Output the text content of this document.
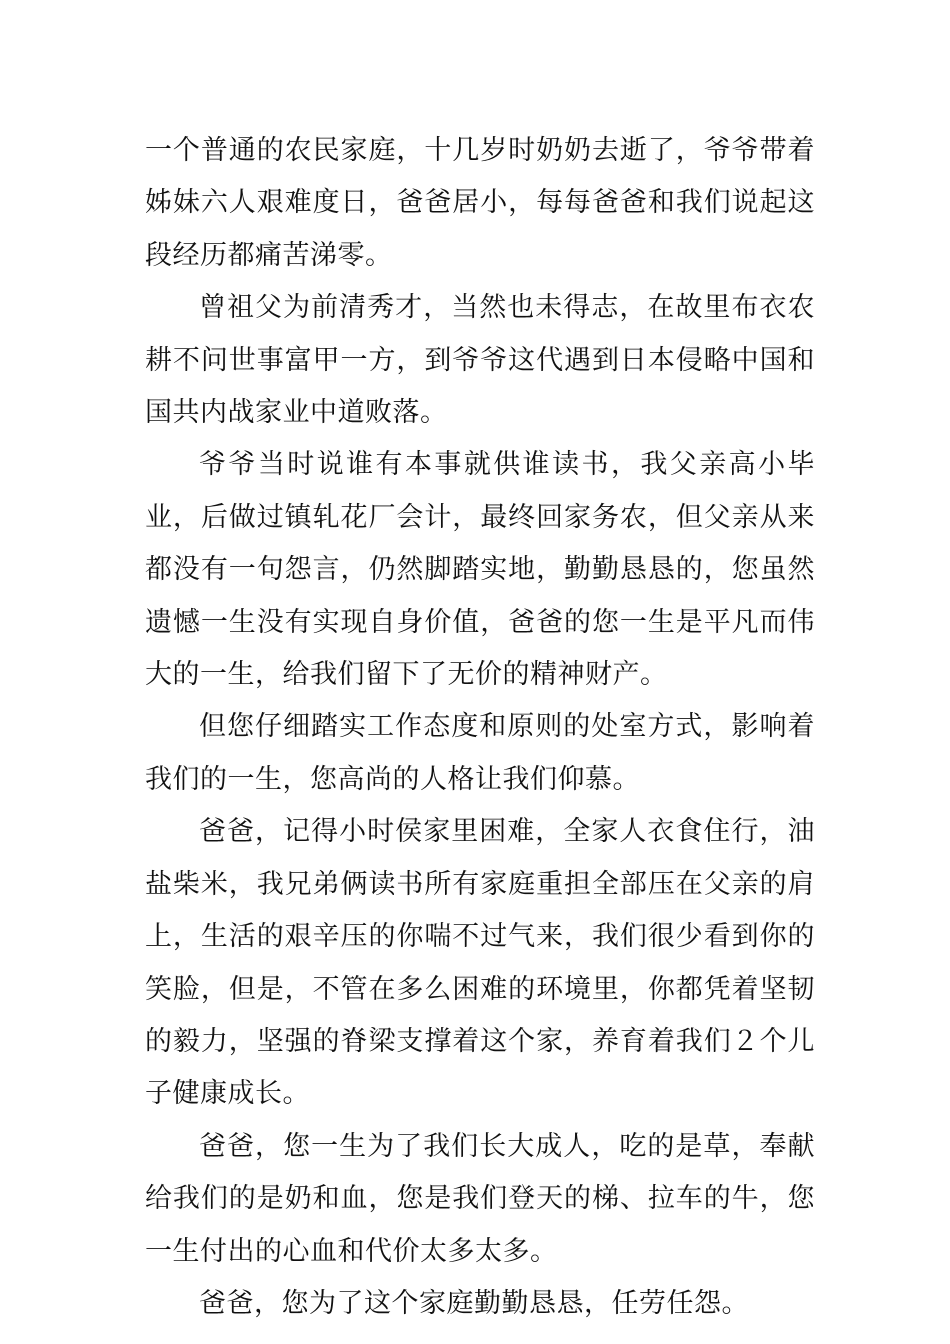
一个普通的农民家庭，十几岁时奶奶去逝了，爷爷带着姊妹六人艰难度日，爸爸居小，每每爸爸和我们说起这段经历都痛苦涕零。

曾祖父为前清秀才，当然也未得志，在故里布衣农耕不问世事富甲一方，到爷爷这代遇到日本侵略中国和国共内战家业中道败落。

爷爷当时说谁有本事就供谁读书，我父亲高小毕业，后做过镇轧花厂会计，最终回家务农，但父亲从来都没有一句怨言，仍然脚踏实地，勤勤恳恳的，您虽然遗憾一生没有实现自身价值，爸爸的您一生是平凡而伟大的一生，给我们留下了无价的精神财产。

但您仔细踏实工作态度和原则的处室方式，影响着我们的一生，您高尚的人格让我们仰慕。

爸爸，记得小时侯家里困难，全家人衣食住行，油盐柴米，我兄弟俩读书所有家庭重担全部压在父亲的肩上，生活的艰辛压的你喘不过气来，我们很少看到你的笑脸，但是，不管在多么困难的环境里，你都凭着坚韧的毅力，坚强的脊梁支撑着这个家，养育着我们２个儿子健康成长。

爸爸，您一生为了我们长大成人，吃的是草，奉献给我们的是奶和血，您是我们登天的梯、拉车的牛，您一生付出的心血和代价太多太多。

爸爸，您为了这个家庭勤勤恳恳，任劳任怨。
